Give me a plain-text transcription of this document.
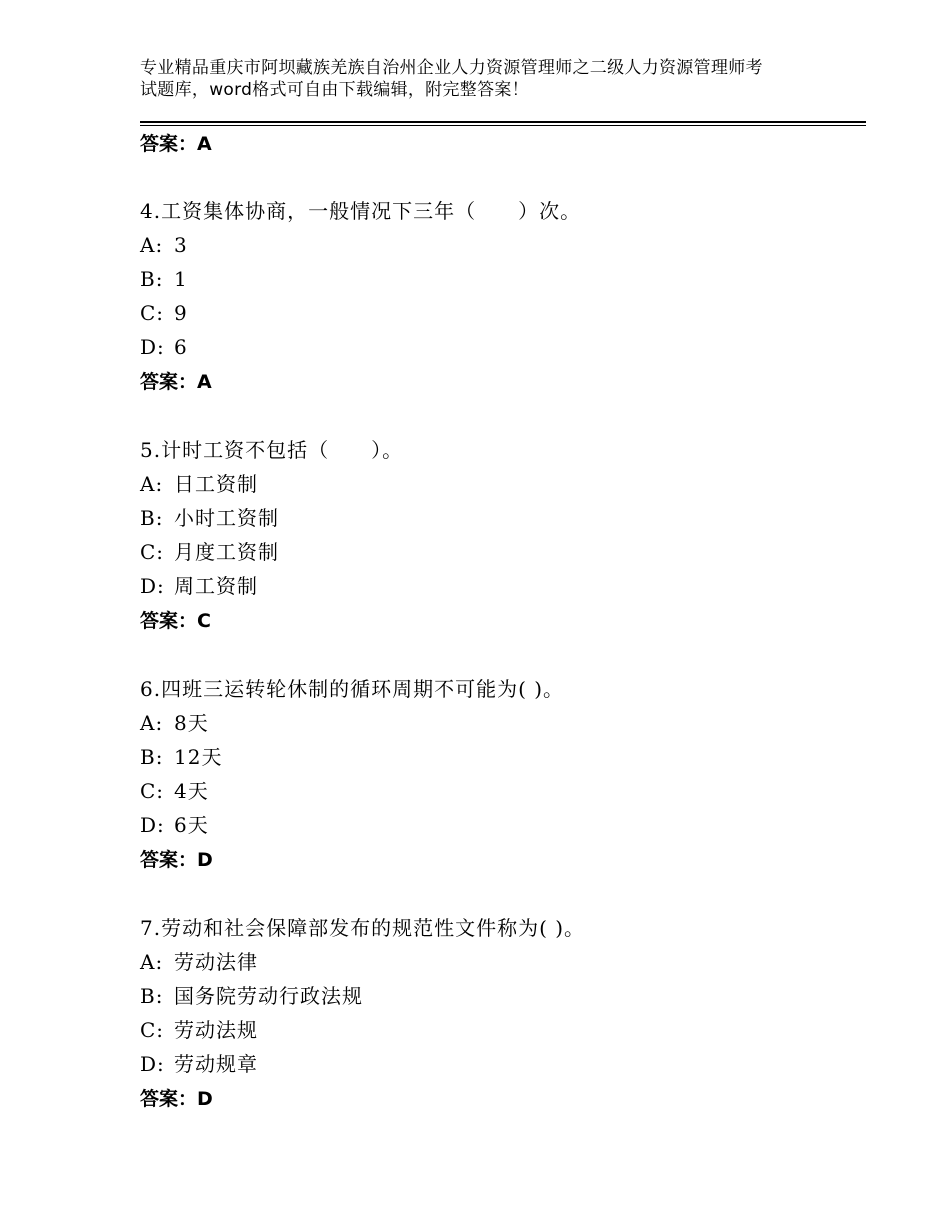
专业精品重庆市阿坝藏族羌族自治州企业人力资源管理师之二级人力资源管理师考
试题库，word格式可自由下载编辑，附完整答案！
答案：A
4.工资集体协商，一般情况下三年（　　）次。
A: 3
B: 1
C: 9
D: 6
答案：A
5.计时工资不包括（　　）。
A: 日工资制
B: 小时工资制
C: 月度工资制
D: 周工资制
答案：C
6.四班三运转轮休制的循环周期不可能为( )。
A: 8天
B: 12天
C: 4天
D: 6天
答案：D
7.劳动和社会保障部发布的规范性文件称为( )。
A: 劳动法律
B: 国务院劳动行政法规
C: 劳动法规
D: 劳动规章
答案：D
